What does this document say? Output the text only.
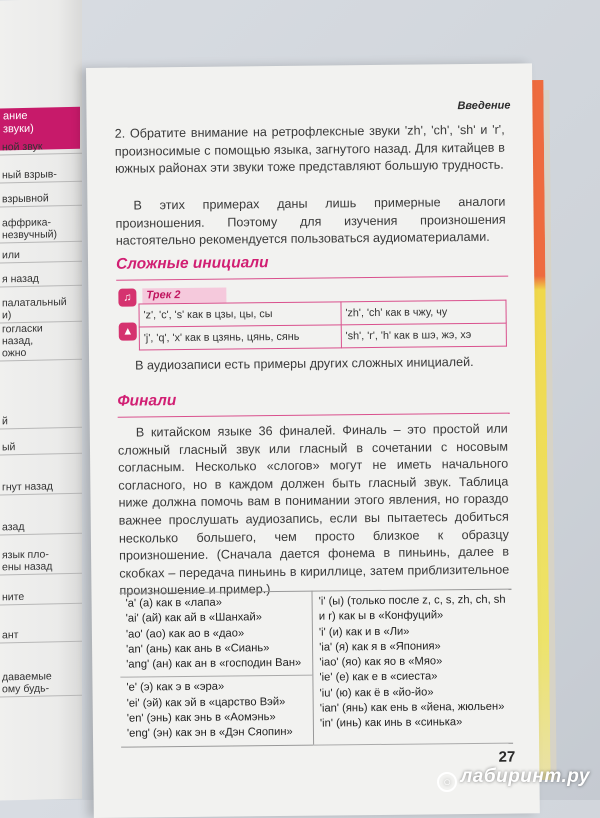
ание
звуки)
ной звук
ный взрыв-
взрывной
аффрика-
незвучный)
или
я назад
палатальный
и)
гогласки
назад,
ожно
й
ый
гнут назад
азад
язык пло-
ены назад
ните
ант
даваемые
ому будь-
Введение
2. Обратите внимание на ретрофлексные звуки 'zh', 'ch', 'sh' и 'r', произносимые с помощью языка, загнутого назад. Для китайцев в южных районах эти звуки тоже представляют большую трудность.
В этих примерах даны лишь примерные аналоги произношения. Поэтому для изучения произношения настоятельно рекомендуется пользоваться аудиоматериалами.
Сложные инициали
♫
▲
Трек 2
'z', 'c', 's' как в цзы, цы, сы	'zh', 'ch' как в чжу, чу
'j', 'q', 'x' как в цзянь, цянь, сянь	'sh', 'r', 'h' как в шэ, жэ, хэ
В аудиозаписи есть примеры других сложных инициалей.
Финали
В китайском языке 36 финалей. Финаль – это простой или сложный гласный звук или гласный в сочетании с носовым согласным. Несколько «слогов» могут не иметь начального согласного, но в каждом должен быть гласный звук. Таблица ниже должна помочь вам в понимании этого явления, но гораздо важнее прослушать аудиозапись, если вы пытаетесь добиться несколько большего, чем просто близкое к образцу произношение. (Сначала дается фонема в пиньинь, далее в скобках – передача пиньинь в кириллице, затем приблизительное произношение и пример.)
'a' (а) как в «лапа»
'ai' (ай) как ай в «Шанхай»
'ao' (ао) как ао в «дао»
'an' (ань) как ань в «Сиань»
'ang' (ан) как ан в «господин Ван»

'i' (ы) (только после z, c, s, zh, ch, sh
и r) как ы в «Конфуций»
'i' (и) как и в «Ли»
'ia' (я) как я в «Япония»
'iao' (яо) как яо в «Мяо»
'ie' (е) как е в «сиеста»
'iu' (ю) как ё в «йо-йо»
'ian' (янь) как ень в «йена, жюльен»
'in' (инь) как инь в «синька»

'e' (э) как э в «эра»
'ei' (эй) как эй в «царство Вэй»
'en' (энь) как энь в «Аомэнь»
'eng' (эн) как эн в «Дэн Сяопин»
27
○ лабиринт.ру
